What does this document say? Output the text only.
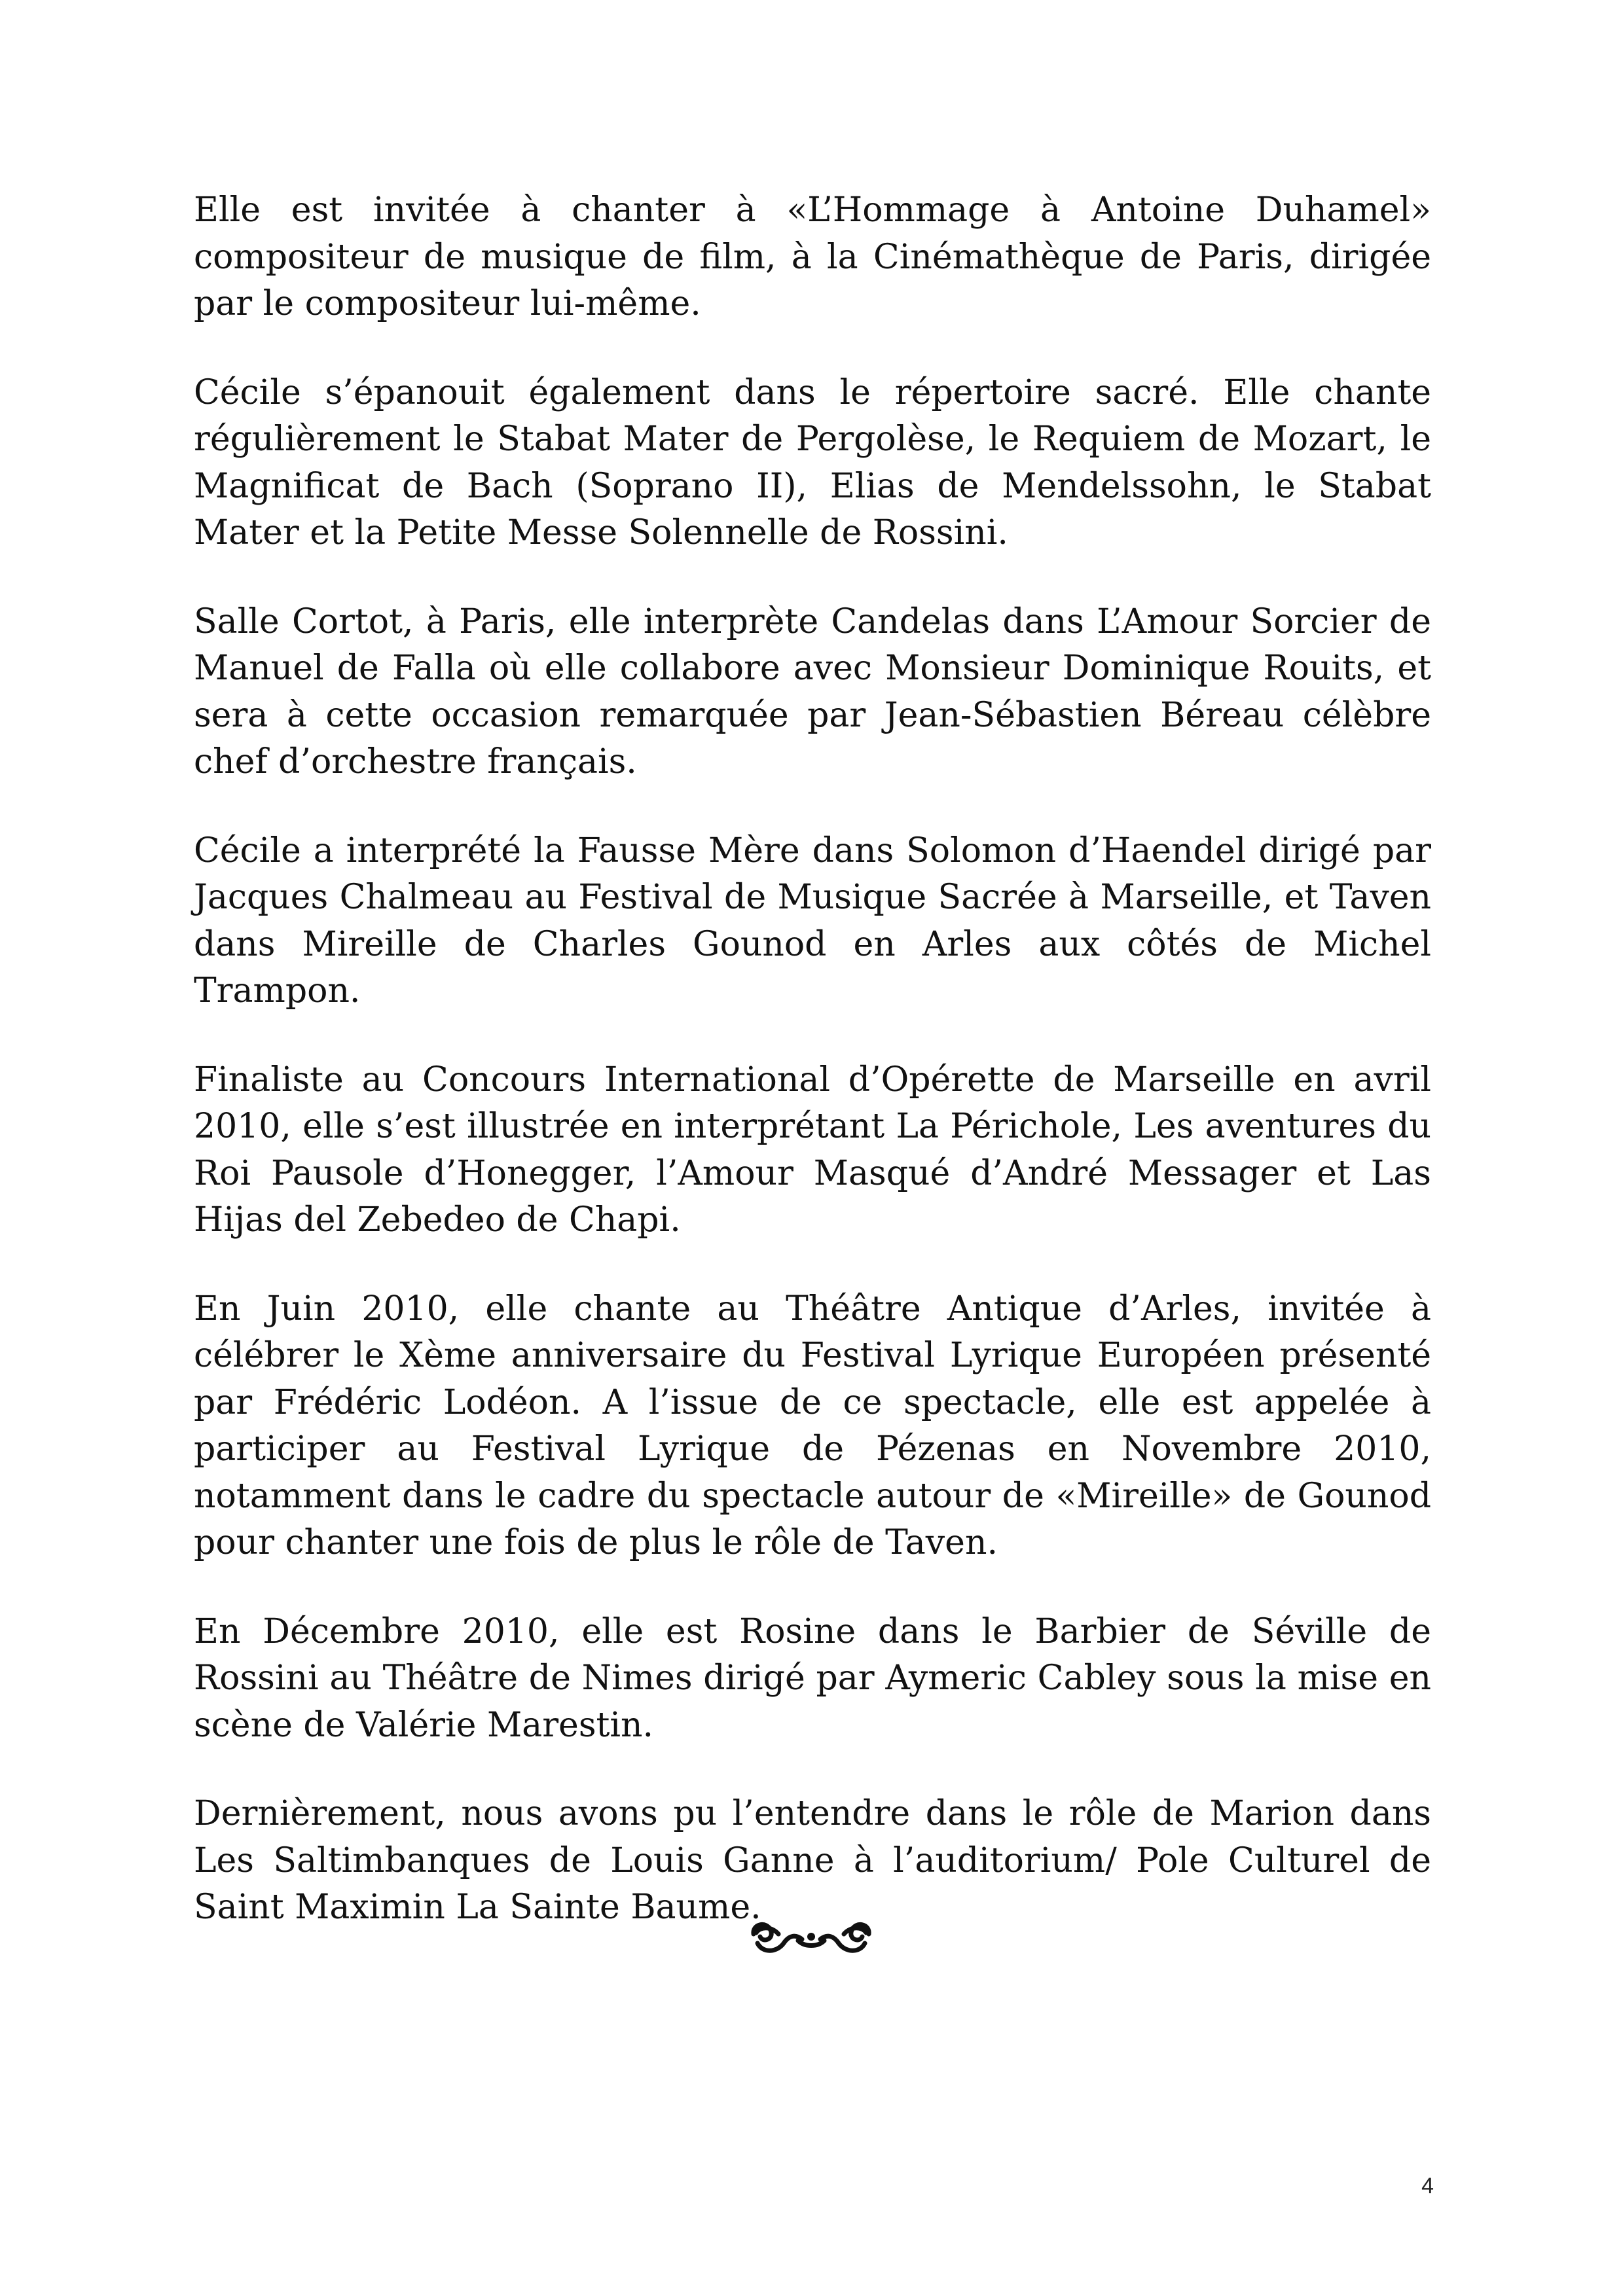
Elle est invitée à chanter à «L’Hommage à Antoine Duhamel» compositeur de musique de film, à la Cinémathèque de Paris, dirigée par le compositeur lui-même.

Cécile s’épanouit également dans le répertoire sacré. Elle chante régulièrement le Stabat Mater de Pergolèse, le Requiem de Mozart, le Magnificat de Bach (Soprano II), Elias de Mendelssohn, le Stabat Mater et la Petite Messe Solennelle de Rossini.

Salle Cortot, à Paris, elle interprète Candelas dans L’Amour Sorcier de Manuel de Falla où elle collabore avec Monsieur Dominique Rouits, et sera à cette occasion remarquée par Jean-Sébastien Béreau célèbre chef d’orchestre français.

Cécile a interprété la Fausse Mère dans Solomon d’Haendel dirigé par Jacques Chalmeau au Festival de Musique Sacrée à Marseille, et Taven dans Mireille de Charles Gounod en Arles aux côtés de Michel Trampon.

Finaliste au Concours International d’Opérette de Marseille en avril 2010, elle s’est illustrée en interprétant La Périchole, Les aventures du Roi Pausole d’Honegger, l’Amour Masqué d’André Messager et Las Hijas del Zebedeo de Chapi.

En Juin 2010, elle chante au Théâtre Antique d’Arles, invitée à célébrer le Xème anniversaire du Festival Lyrique Européen présenté par Frédéric Lodéon. A l’issue de ce spectacle, elle est appelée à participer au Festival Lyrique de Pézenas en Novembre 2010, notamment dans le cadre du spectacle autour de «Mireille» de Gounod pour chanter une fois de plus le rôle de Taven.

En Décembre 2010, elle est Rosine dans le Barbier de Séville de Rossini au Théâtre de Nimes dirigé par Aymeric Cabley sous la mise en scène de Valérie Marestin.

Dernièrement, nous avons pu l’entendre dans le rôle de Marion dans Les Saltimbanques de Louis Ganne à l’auditorium/ Pole Culturel de Saint Maximin La Sainte Baume.

4
